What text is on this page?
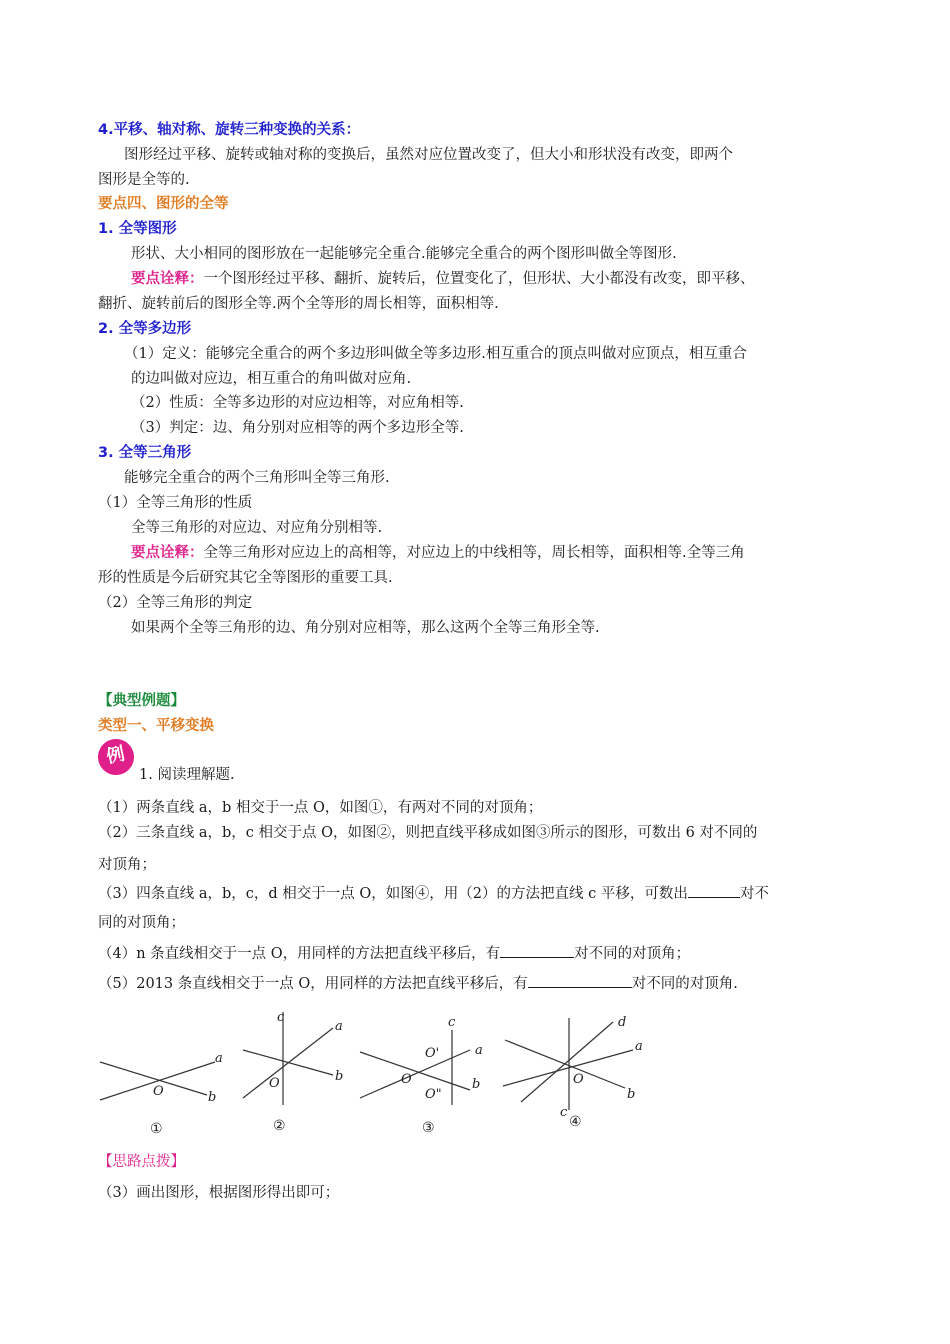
4.平移、轴对称、旋转三种变换的关系：
图形经过平移、旋转或轴对称的变换后，虽然对应位置改变了，但大小和形状没有改变，即两个
图形是全等的.
要点四、图形的全等
1. 全等图形
形状、大小相同的图形放在一起能够完全重合.能够完全重合的两个图形叫做全等图形.
要点诠释：一个图形经过平移、翻折、旋转后，位置变化了，但形状、大小都没有改变，即平移、
翻折、旋转前后的图形全等.两个全等形的周长相等，面积相等.
2. 全等多边形
（1）定义：能够完全重合的两个多边形叫做全等多边形.相互重合的顶点叫做对应顶点，相互重合
的边叫做对应边，相互重合的角叫做对应角.
（2）性质：全等多边形的对应边相等，对应角相等.
（3）判定：边、角分别对应相等的两个多边形全等.
3. 全等三角形
能够完全重合的两个三角形叫全等三角形.
（1）全等三角形的性质
全等三角形的对应边、对应角分别相等.
要点诠释：全等三角形对应边上的高相等，对应边上的中线相等，周长相等，面积相等.全等三角
形的性质是今后研究其它全等图形的重要工具.
（2）全等三角形的判定
如果两个全等三角形的边、角分别对应相等，那么这两个全等三角形全等.
【典型例题】
类型一、平移变换
例
1. 阅读理解题.
（1）两条直线 a，b 相交于一点 O，如图①，有两对不同的对顶角；
（2）三条直线 a，b，c 相交于点 O，如图②，则把直线平移成如图③所示的图形，可数出 6 对不同的
对顶角；
（3）四条直线 a，b，c，d 相交于一点 O，如图④，用（2）的方法把直线 c 平移，可数出	对不
同的对顶角；
（4）n 条直线相交于一点 O，用同样的方法把直线平移后，有	对不同的对顶角；
（5）2013 条直线相交于一点 O，用同样的方法把直线平移后，有	对不同的对顶角.
a
b
O
①
a
b
c
O
②
a
b
c
O'
O
O"
③
a
b
c
d
O
④
【思路点拨】
（3）画出图形，根据图形得出即可；
